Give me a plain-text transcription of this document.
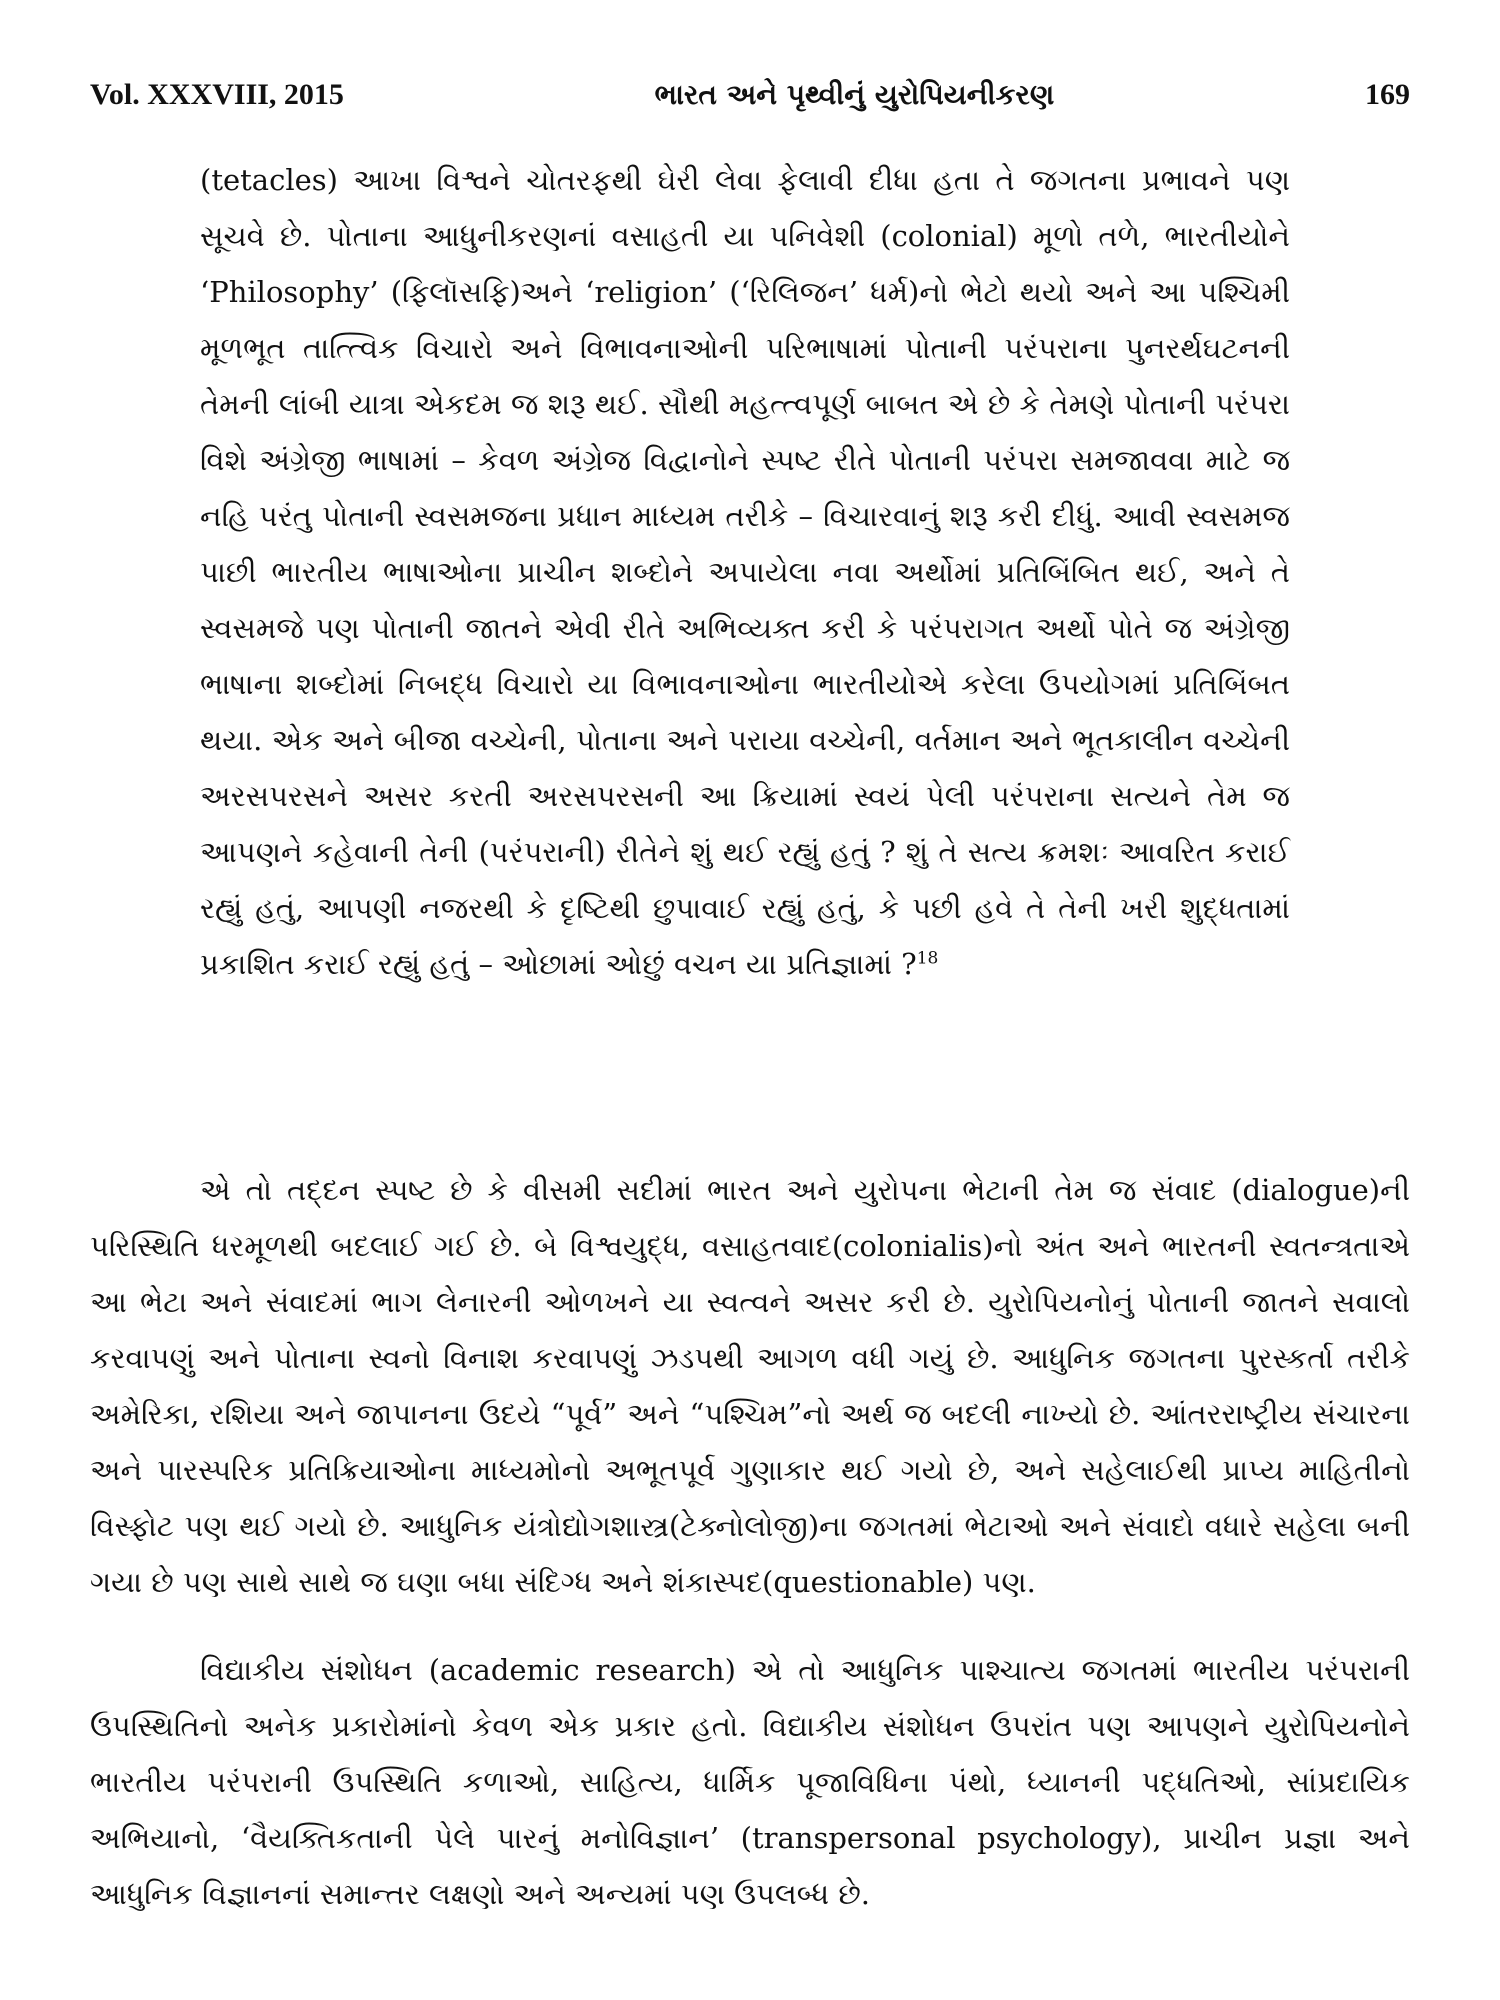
Vol. XXXVIII, 2015	ભારત અને પૃથ્વીનું યુરોપિયનીકરણ	169

(tetacles) આખા વિશ્વને ચોતરફથી ઘેરી લેવા ફેલાવી દીધા હતા તે જગતના પ્રભાવને પણ સૂચવે છે. પોતાના આધુનીકરણનાં વસાહતી યા પનિવેશી (colonial) મૂળો તળે, ભારતીયોને ‘Philosophy’ (ફિલૉસફિ)અને ‘religion’ (‘રિલિજન’ ધર્મ)નો ભેટો થયો અને આ પશ્ચિમી મૂળભૂત તાત્ત્વિક વિચારો અને વિભાવનાઓની પરિભાષામાં પોતાની પરંપરાના પુનરર્થઘટનની તેમની લાંબી યાત્રા એકદમ જ શરૂ થઈ. સૌથી મહત્ત્વપૂર્ણ બાબત એ છે કે તેમણે પોતાની પરંપરા વિશે અંગ્રેજી ભાષામાં – કેવળ અંગ્રેજ વિદ્વાનોને સ્પષ્ટ રીતે પોતાની પરંપરા સમજાવવા માટે જ નહિ પરંતુ પોતાની સ્વસમજના પ્રધાન માધ્યમ તરીકે – વિચારવાનું શરૂ કરી દીધું. આવી સ્વસમજ પાછી ભારતીય ભાષાઓના પ્રાચીન શબ્દોને અપાયેલા નવા અર્થોમાં પ્રતિબિંબિત થઈ, અને તે સ્વસમજે પણ પોતાની જાતને એવી રીતે અભિવ્યક્ત કરી કે પરંપરાગત અર્થો પોતે જ અંગ્રેજી ભાષાના શબ્દોમાં નિબદ્ધ વિચારો યા વિભાવનાઓના ભારતીયોએ કરેલા ઉપયોગમાં પ્રતિબિંબત થયા. એક અને બીજા વચ્ચેની, પોતાના અને પરાયા વચ્ચેની, વર્તમાન અને ભૂતકાલીન વચ્ચેની અરસપરસને અસર કરતી અરસપરસની આ ક્રિયામાં સ્વયં પેલી પરંપરાના સત્યને તેમ જ આપણને કહેવાની તેની (પરંપરાની) રીતેને શું થઈ રહ્યું હતું ? શું તે સત્ય ક્રમશઃ આવરિત કરાઈ રહ્યું હતું, આપણી નજરથી કે દૃષ્ટિથી છુપાવાઈ રહ્યું હતું, કે પછી હવે તે તેની ખરી શુદ્ધતામાં પ્રકાશિત કરાઈ રહ્યું હતું – ઓછામાં ઓછું વચન યા પ્રતિજ્ઞામાં ?$^{18}$

એ તો તદ્દન સ્પષ્ટ છે કે વીસમી સદીમાં ભારત અને યુરોપના ભેટાની તેમ જ સંવાદ (dialogue)ની પરિસ્થિતિ ધરમૂળથી બદલાઈ ગઈ છે. બે વિશ્વયુદ્ધ, વસાહતવાદ(colonialis)નો અંત અને ભારતની સ્વતન્ત્રતાએ આ ભેટા અને સંવાદમાં ભાગ લેનારની ઓળખને યા સ્વત્વને અસર કરી છે. યુરોપિયનોનું પોતાની જાતને સવાલો કરવાપણું અને પોતાના સ્વનો વિનાશ કરવાપણું ઝડપથી આગળ વધી ગયું છે. આધુનિક જગતના પુરસ્કર્તા તરીકે અમેરિકા, રશિયા અને જાપાનના ઉદયે “પૂર્વ” અને “પશ્ચિમ”નો અર્થ જ બદલી નાખ્યો છે. આંતરરાષ્ટ્રીય સંચારના અને પારસ્પરિક પ્રતિક્રિયાઓના માધ્યમોનો અભૂતપૂર્વ ગુણાકાર થઈ ગયો છે, અને સહેલાઈથી પ્રાપ્ય માહિતીનો વિસ્ફોટ પણ થઈ ગયો છે. આધુનિક યંત્રોદ્યોગશાસ્ત્ર(ટેક્નોલોજી)ના જગતમાં ભેટાઓ અને સંવાદો વધારે સહેલા બની ગયા છે પણ સાથે સાથે જ ઘણા બધા સંદિગ્ધ અને શંકાસ્પદ(questionable) પણ.

વિદ્યાકીય સંશોધન (academic research) એ તો આધુનિક પાશ્ચાત્ય જગતમાં ભારતીય પરંપરાની ઉપસ્થિતિનો અનેક પ્રકારોમાંનો કેવળ એક પ્રકાર હતો. વિદ્યાકીય સંશોધન ઉપરાંત પણ આપણને યુરોપિયનોને ભારતીય પરંપરાની ઉપસ્થિતિ કળાઓ, સાહિત્ય, ધાર્મિક પૂજાવિધિના પંથો, ધ્યાનની પદ્ધતિઓ, સાંપ્રદાયિક અભિયાનો, ‘વૈયક્તિકતાની પેલે પારનું મનોવિજ્ઞાન’ (transpersonal psychology), પ્રાચીન પ્રજ્ઞા અને આધુનિક વિજ્ઞાનનાં સમાન્તર લક્ષણો અને અન્યમાં પણ ઉપલબ્ધ છે.
